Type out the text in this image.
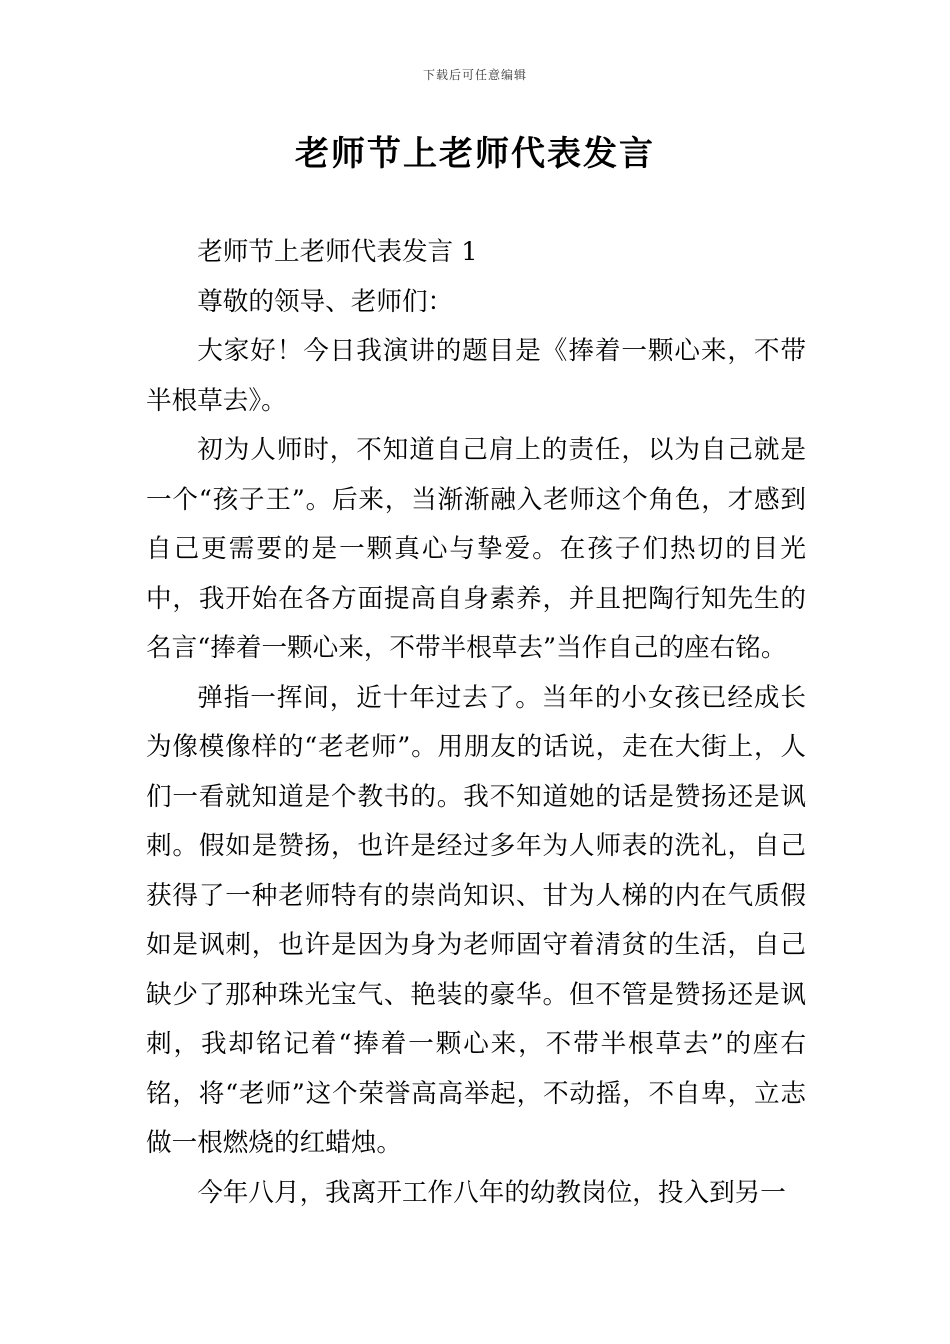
下载后可任意编辑
老师节上老师代表发言

老师节上老师代表发言 1

尊敬的领导、老师们：

大家好！今日我演讲的题目是《捧着一颗心来，不带半根草去》。

初为人师时，不知道自己肩上的责任，以为自己就是一个“孩子王”。后来，当渐渐融入老师这个角色，才感到自己更需要的是一颗真心与挚爱。在孩子们热切的目光中，我开始在各方面提高自身素养，并且把陶行知先生的名言“捧着一颗心来，不带半根草去”当作自己的座右铭。

弹指一挥间，近十年过去了。当年的小女孩已经成长为像模像样的“老老师”。用朋友的话说，走在大街上，人们一看就知道是个教书的。我不知道她的话是赞扬还是讽刺。假如是赞扬，也许是经过多年为人师表的洗礼，自己获得了一种老师特有的崇尚知识、甘为人梯的内在气质假如是讽刺，也许是因为身为老师固守着清贫的生活，自己缺少了那种珠光宝气、艳装的豪华。但不管是赞扬还是讽刺，我却铭记着“捧着一颗心来，不带半根草去”的座右铭，将“老师”这个荣誉高高举起，不动摇，不自卑，立志做一根燃烧的红蜡烛。

今年八月，我离开工作八年的幼教岗位，投入到另一
